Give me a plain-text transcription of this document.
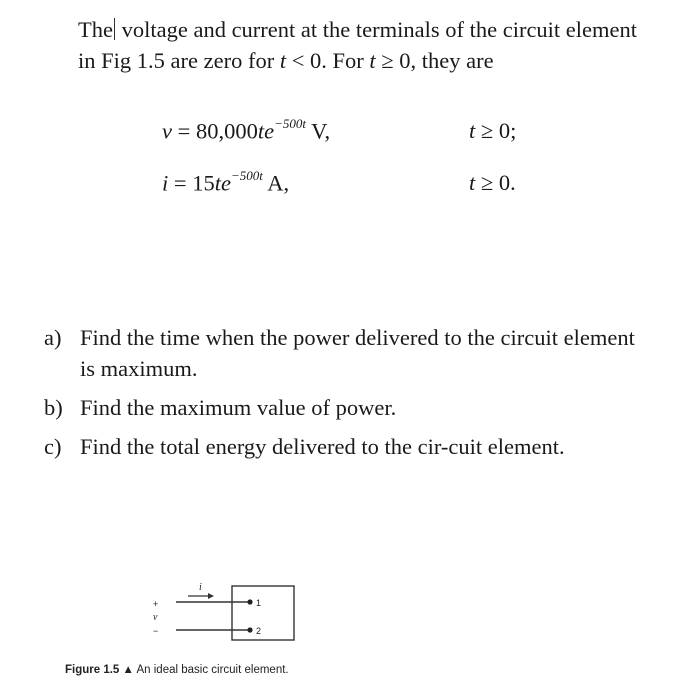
The voltage and current at the terminals of the circuit element in Fig 1.5 are zero for t < 0. For t ≥ 0, they are
$v = 80,000te^{-500t}$ V,	t ≥ 0;
$i = 15te^{-500t}$ A,	t ≥ 0.
a) Find the time when the power delivered to the circuit element is maximum.
b) Find the maximum value of power.
c) Find the total energy delivered to the cir-cuit element.
i
+
v
−
1
2
Figure 1.5 ▲ An ideal basic circuit element.
